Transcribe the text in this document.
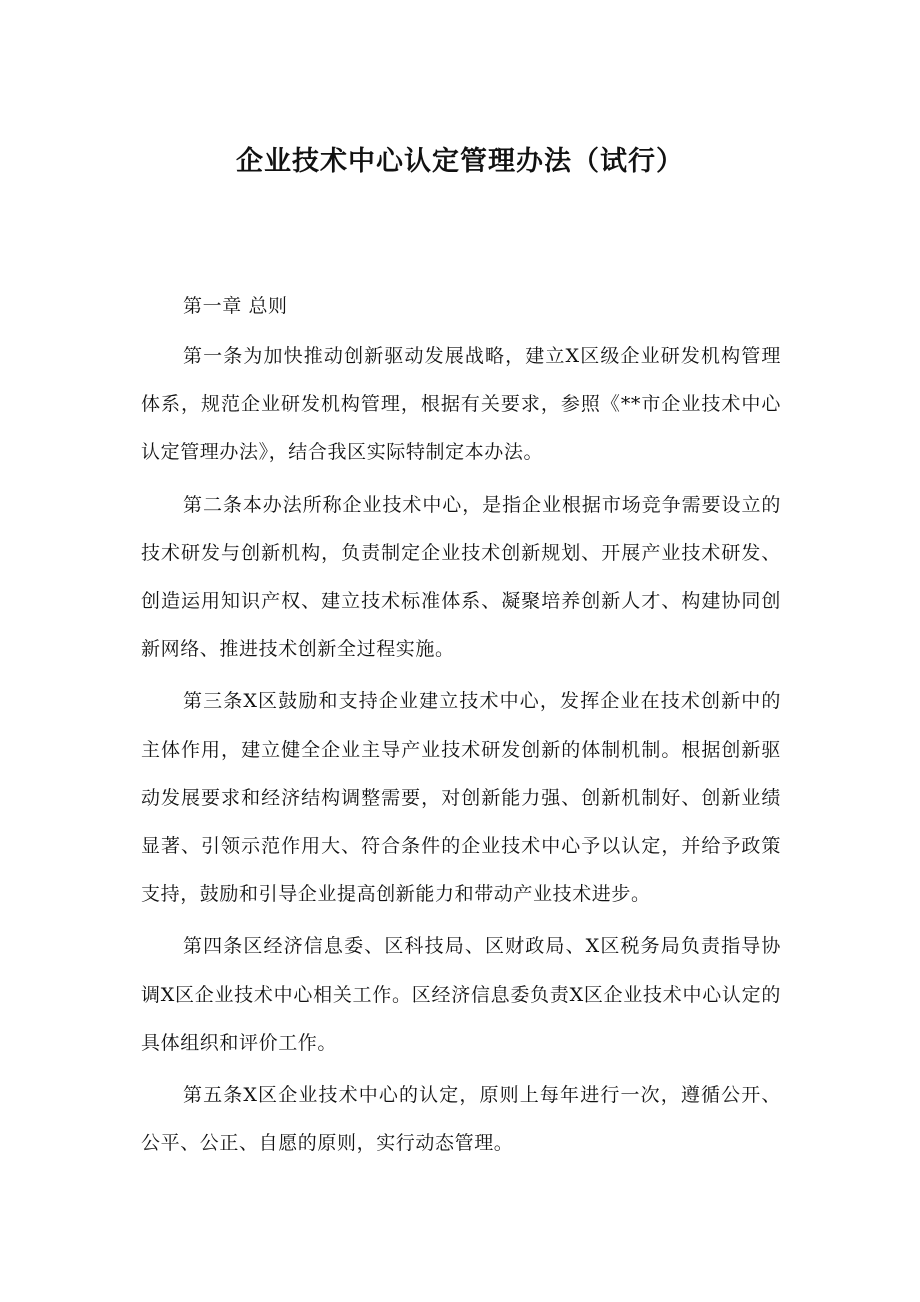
企业技术中心认定管理办法（试行）

第一章 总则

第一条为加快推动创新驱动发展战略，建立X区级企业研发机构管理体系，规范企业研发机构管理，根据有关要求，参照《**市企业技术中心认定管理办法》，结合我区实际特制定本办法。

第二条本办法所称企业技术中心，是指企业根据市场竞争需要设立的技术研发与创新机构，负责制定企业技术创新规划、开展产业技术研发、创造运用知识产权、建立技术标准体系、凝聚培养创新人才、构建协同创新网络、推进技术创新全过程实施。

第三条X区鼓励和支持企业建立技术中心，发挥企业在技术创新中的主体作用，建立健全企业主导产业技术研发创新的体制机制。根据创新驱动发展要求和经济结构调整需要，对创新能力强、创新机制好、创新业绩显著、引领示范作用大、符合条件的企业技术中心予以认定，并给予政策支持，鼓励和引导企业提高创新能力和带动产业技术进步。

第四条区经济信息委、区科技局、区财政局、X区税务局负责指导协调X区企业技术中心相关工作。区经济信息委负责X区企业技术中心认定的具体组织和评价工作。

第五条X区企业技术中心的认定，原则上每年进行一次，遵循公开、公平、公正、自愿的原则，实行动态管理。
